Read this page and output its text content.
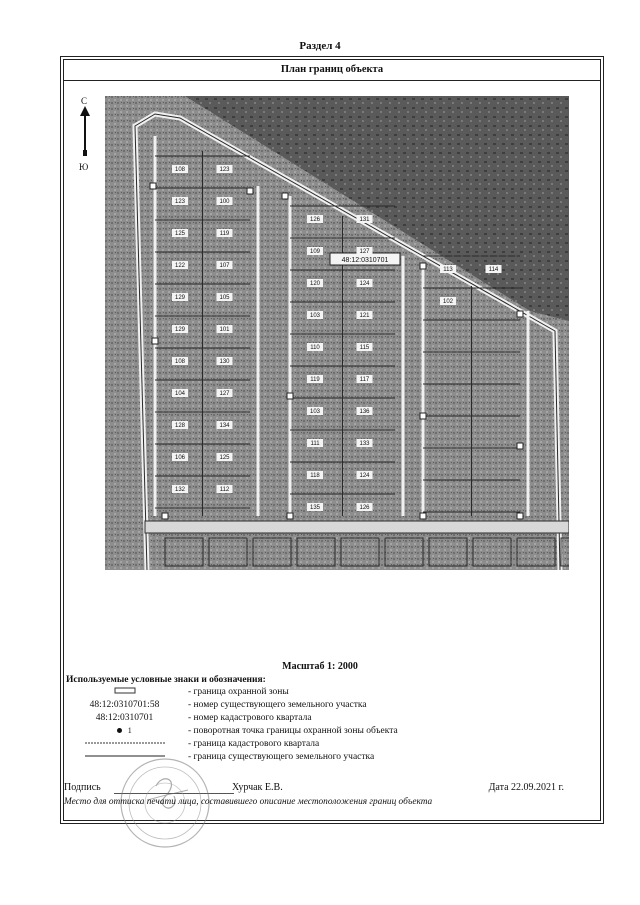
Раздел 4
План границ объекта
С
Ю
48:12:0310701
108	123
123	100
125	119
122	107
129	105
129	101
108	130
104	127
128	134
106	125
132	112
126	131
109	127
120	124
103	121
110	115
119	117
103	136
111	133
118	124
135	126
113	114
102
Масштаб 1: 2000
Используемые условные знаки и обозначения:
- граница охранной зоны
48:12:0310701:58	- номер существующего земельного участка
48:12:0310701	- номер кадастрового квартала
1	- поворотная точка границы охранной зоны объекта
- граница кадастрового квартала
- граница существующего земельного участка
Подпись	Хурчак Е.В.	Дата 22.09.2021 г.
Место для оттиска печати лица, составившего описание местоположения границ объекта
